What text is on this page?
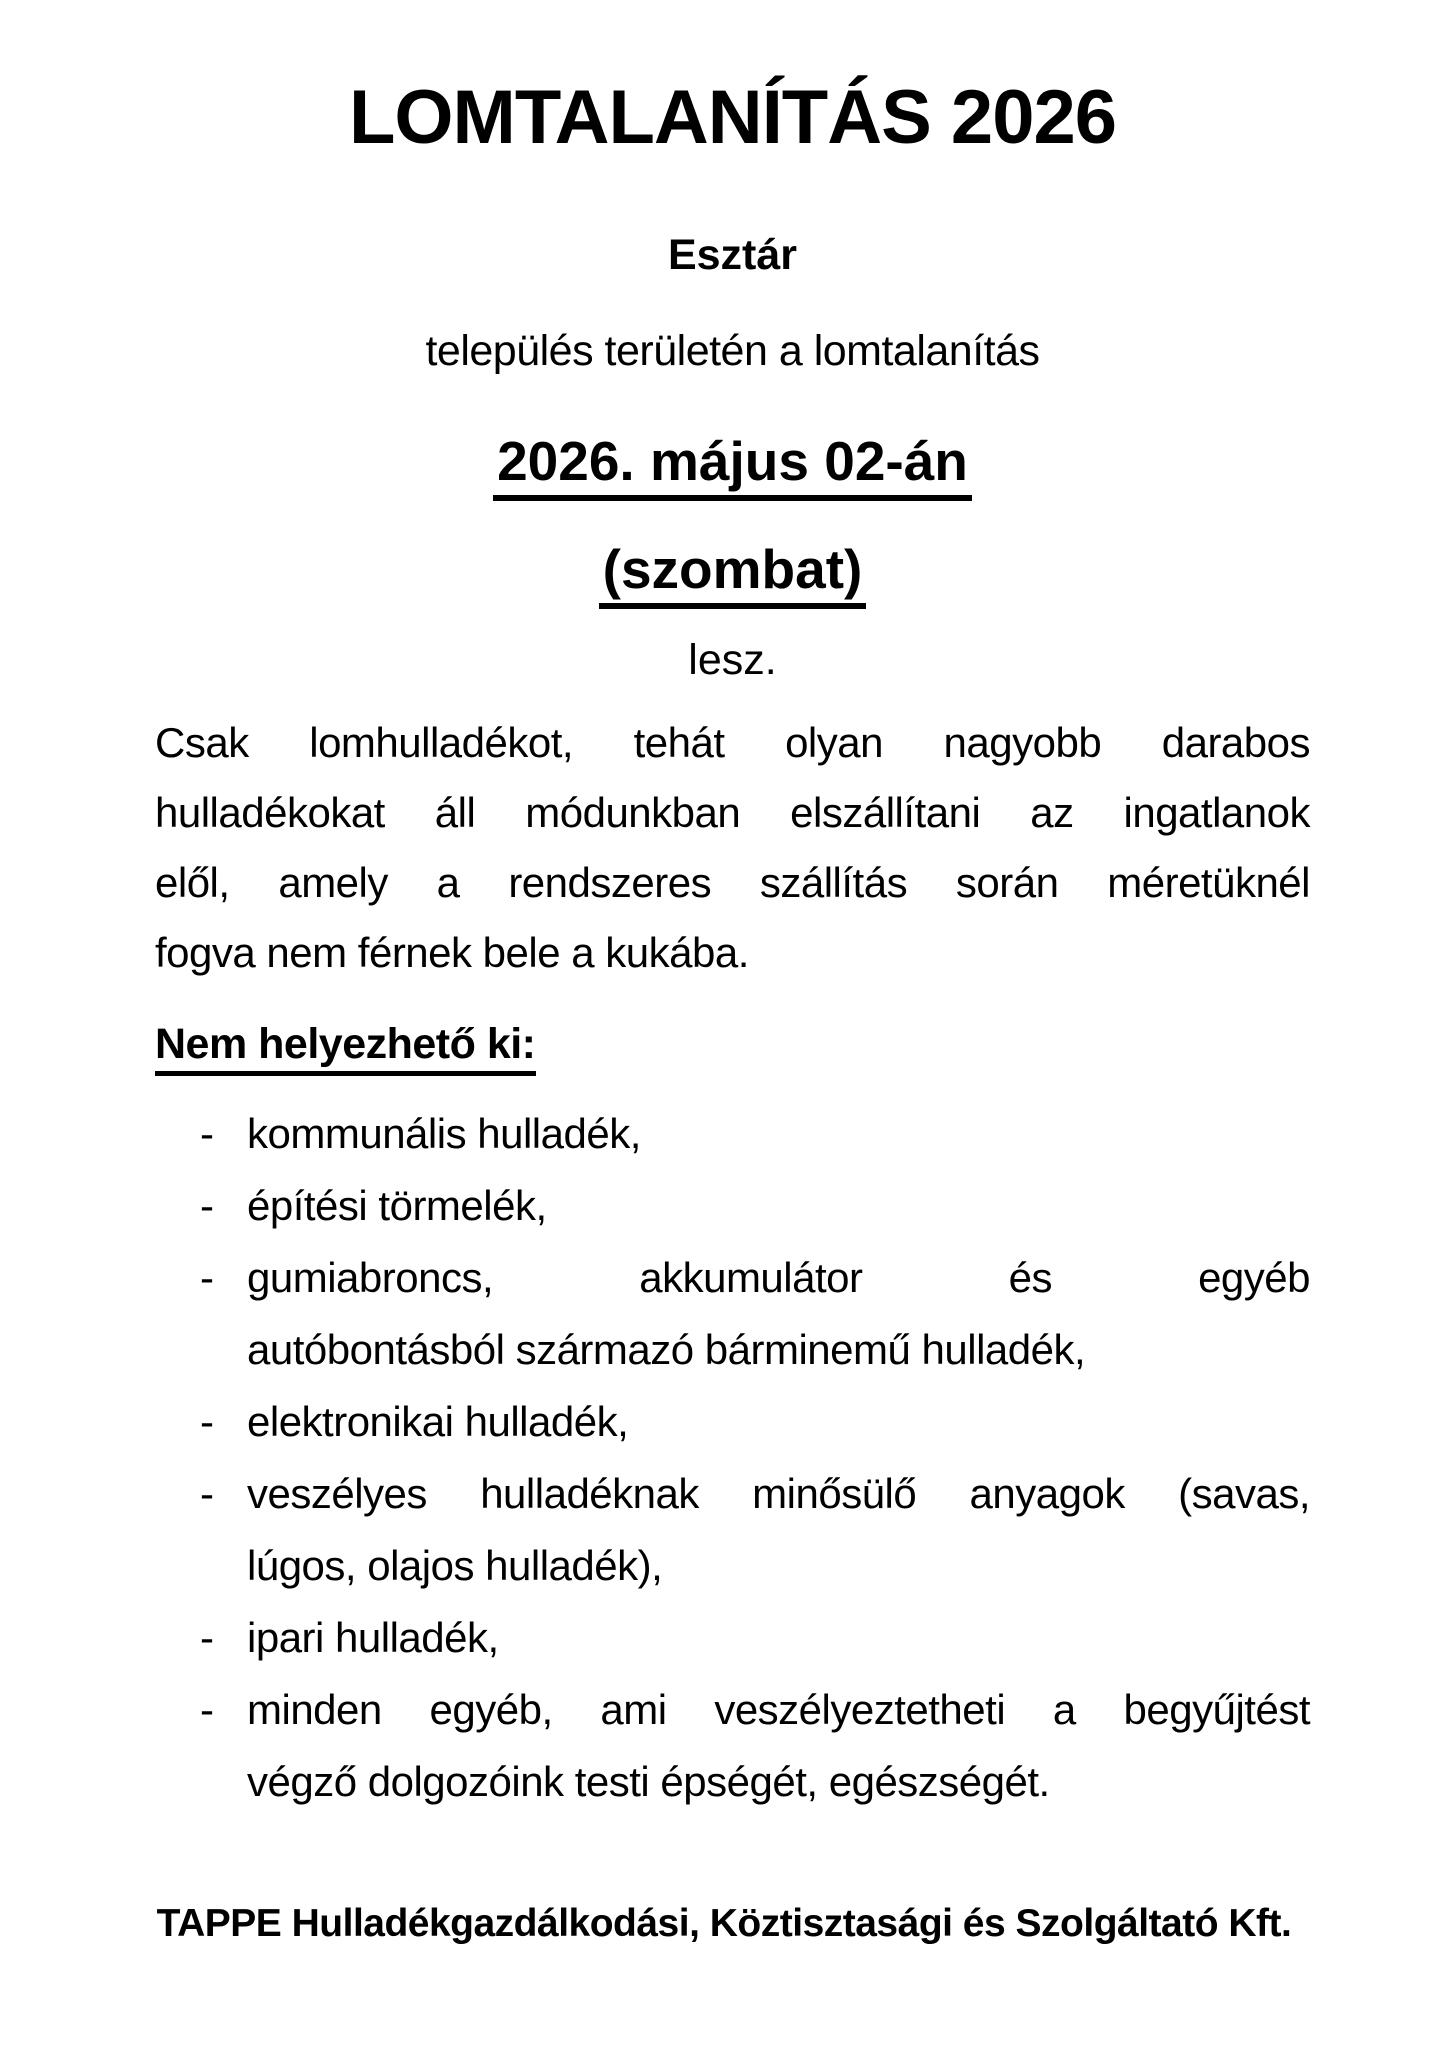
LOMTALANÍTÁS 2026
Esztár
település területén a lomtalanítás
2026. május 02-án
(szombat)
lesz.
Csak lomhulladékot, tehát olyan nagyobb darabos
hulladékokat áll módunkban elszállítani az ingatlanok
elől, amely a rendszeres szállítás során méretüknél
fogva nem férnek bele a kukába.
Nem helyezhető ki:
- kommunális hulladék,
- építési törmelék,
- gumiabroncs, akkumulátor és egyéb
autóbontásból származó bárminemű hulladék,
- elektronikai hulladék,
- veszélyes hulladéknak minősülő anyagok (savas,
lúgos, olajos hulladék),
- ipari hulladék,
- minden egyéb, ami veszélyeztetheti a begyűjtést
végző dolgozóink testi épségét, egészségét.
TAPPE Hulladékgazdálkodási, Köztisztasági és Szolgáltató Kft.
